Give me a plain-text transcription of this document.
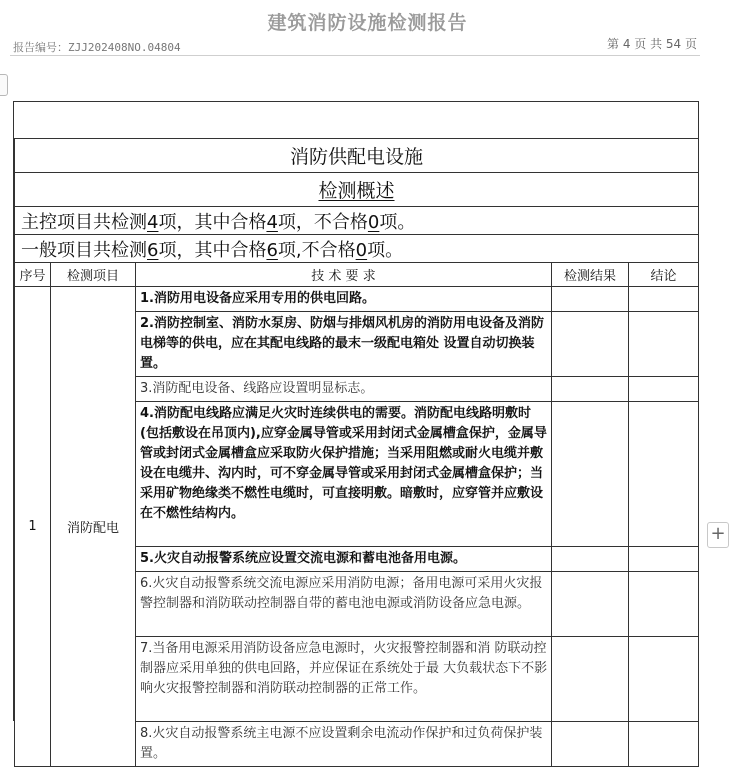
建筑消防设施检测报告
报告编号：ZJJ202408NO.04804	第 4 页 共 54 页
+
消防供配电设施				
检测概述				
主控项目共检测4项，其中合格4项，不合格0项。				
一般项目共检测6项，其中合格6项,不合格0项。				
序号	检测项目	技 术 要 求	检测结果	结论
1	消防配电	1.消防用电设备应采用专用的供电回路。		
		2.消防控制室、消防水泵房、防烟与排烟风机房的消防用电设备及消防电梯等的供电，应在其配电线路的最末一级配电箱处 设置自动切换装置。		
		3.消防配电设备、线路应设置明显标志。		
		4.消防配电线路应满足火灾时连续供电的需要。消防配电线路明敷时(包括敷设在吊顶内),应穿金属导管或采用封闭式金属槽盒保护，金属导管或封闭式金属槽盒应采取防火保护措施；当采用阻燃或耐火电缆并敷设在电缆井、沟内时，可不穿金属导管或采用封闭式金属槽盒保护；当采用矿物绝缘类不燃性电缆时，可直接明敷。暗敷时，应穿管并应敷设在不燃性结构内。		
		5.火灾自动报警系统应设置交流电源和蓄电池备用电源。		
		6.火灾自动报警系统交流电源应采用消防电源；备用电源可采用火灾报警控制器和消防联动控制器自带的蓄电池电源或消防设备应急电源。		
		7.当备用电源采用消防设备应急电源时，火灾报警控制器和消 防联动控制器应采用单独的供电回路，并应保证在系统处于最 大负载状态下不影响火灾报警控制器和消防联动控制器的正常工作。		
		8.火灾自动报警系统主电源不应设置剩余电流动作保护和过负荷保护装置。		
